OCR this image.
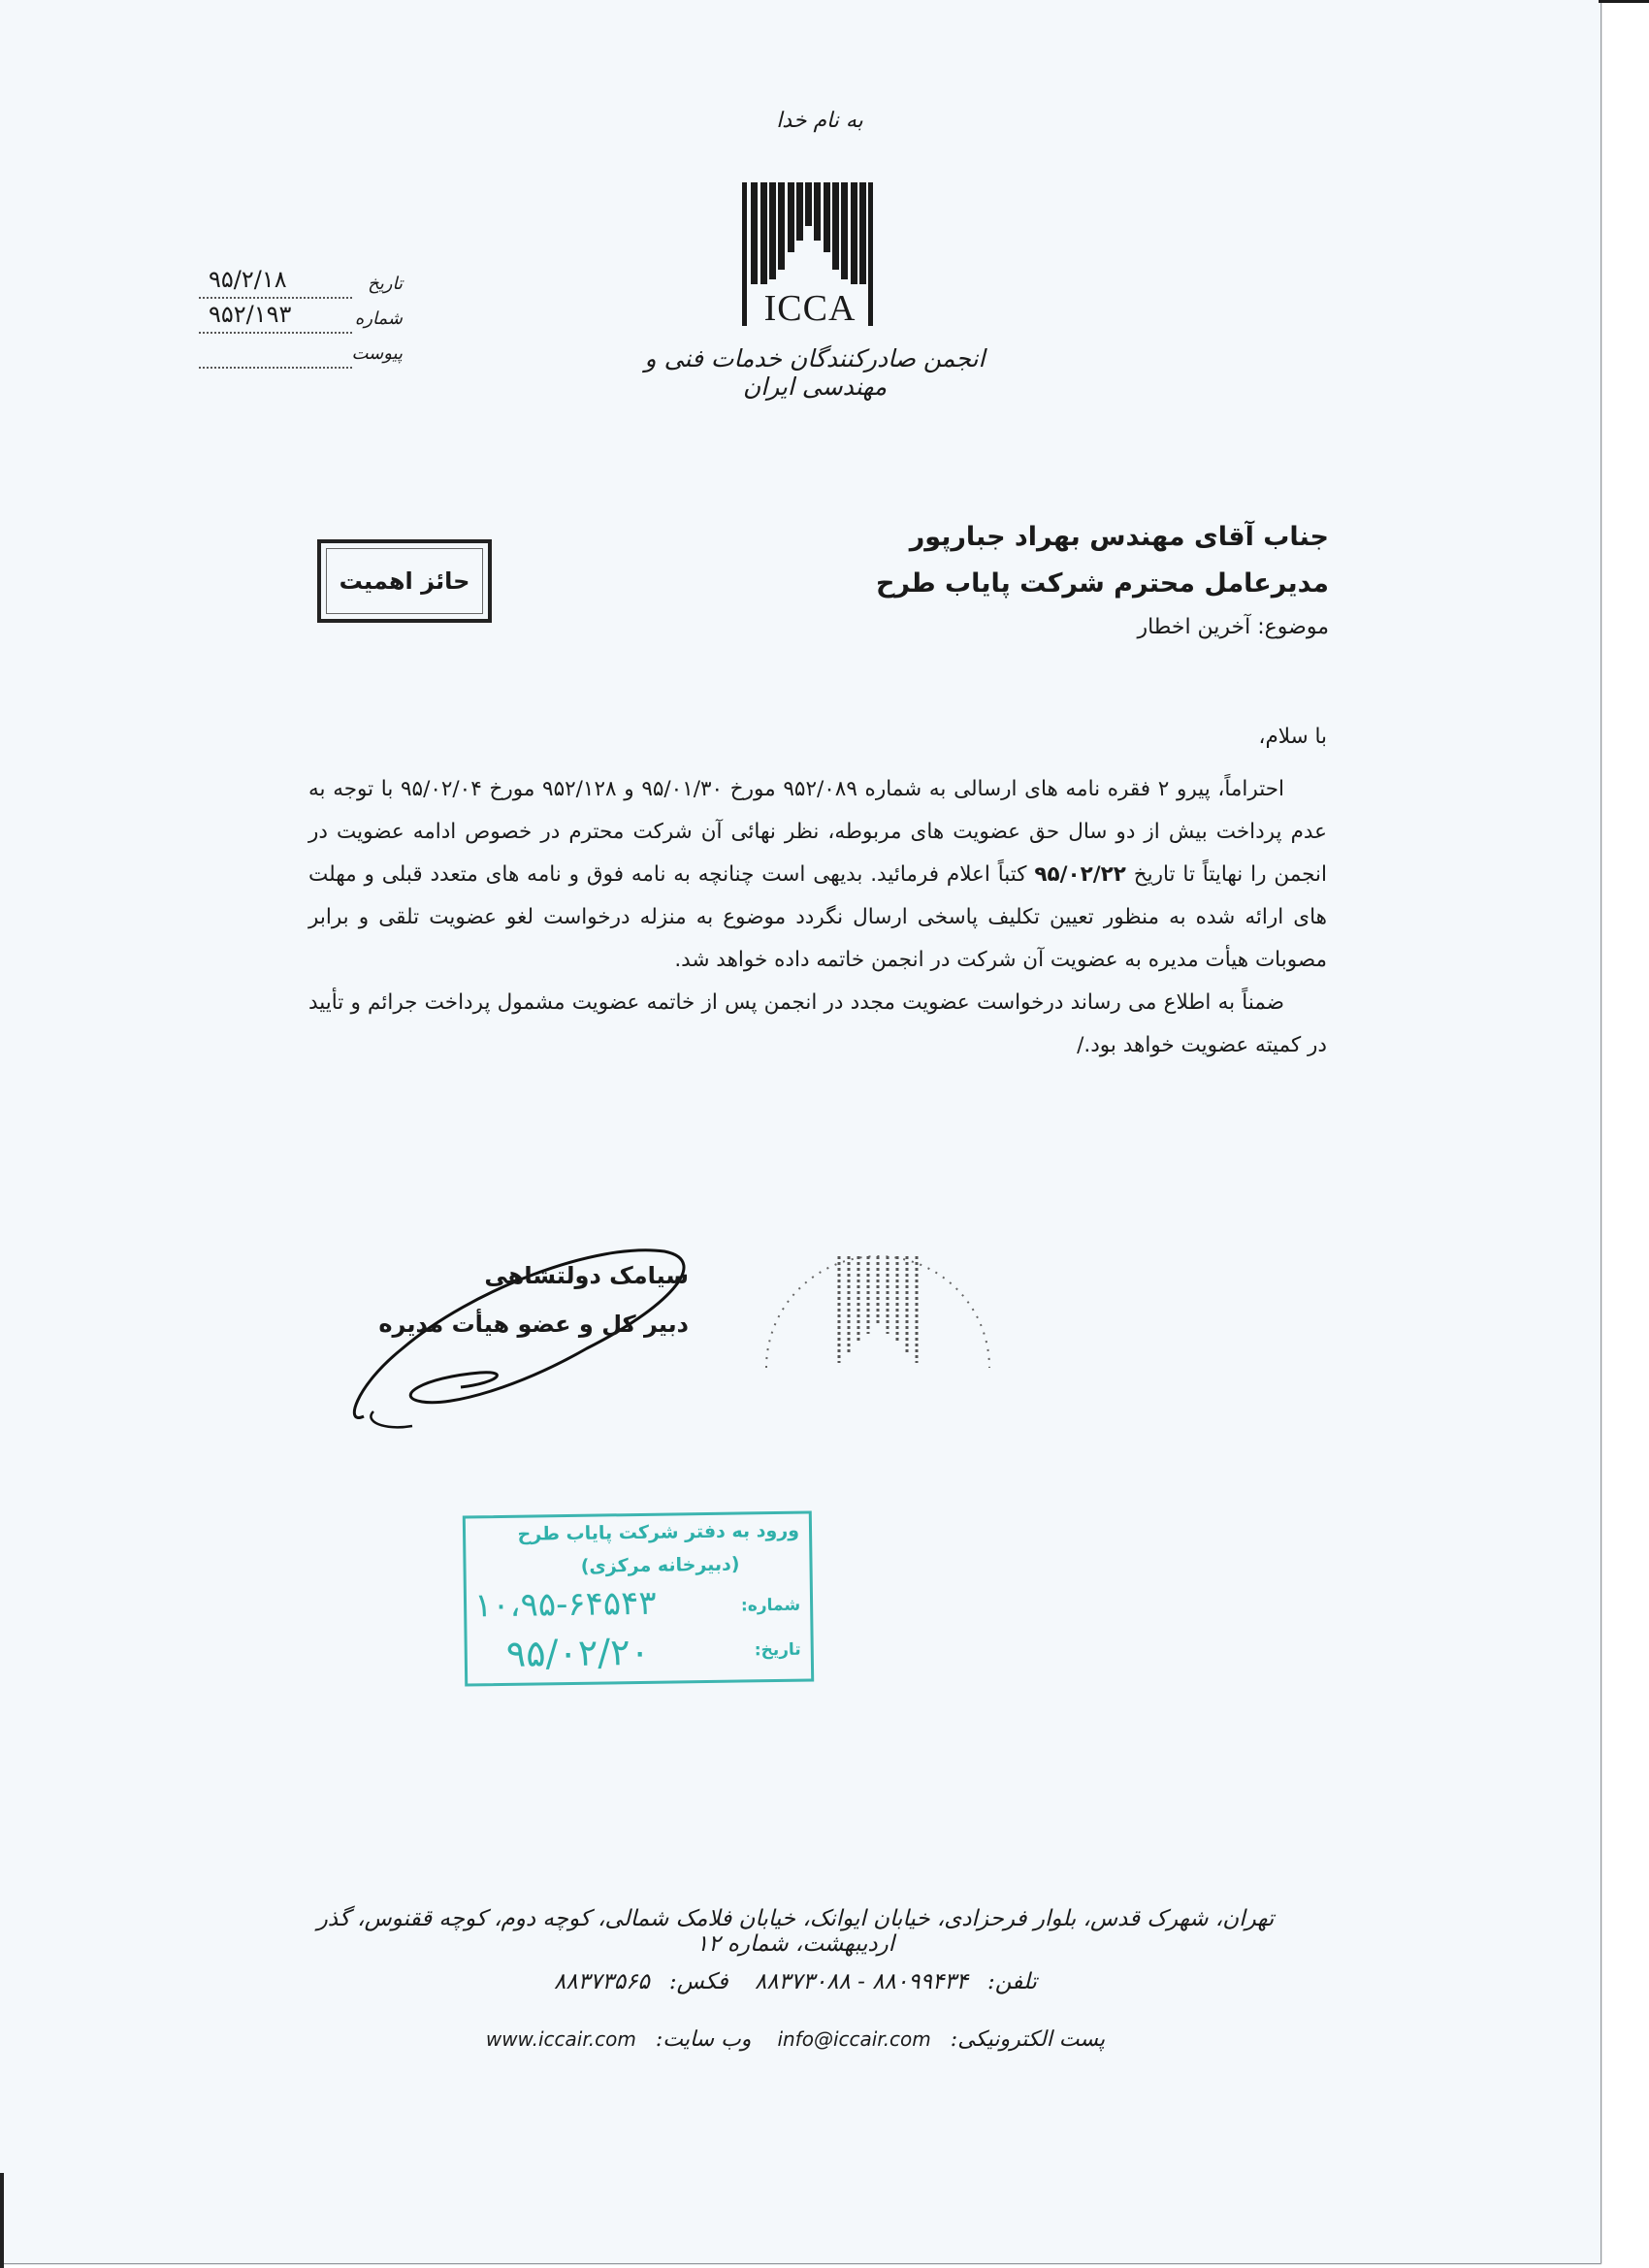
به نام خدا
ICCA
انجمن صادرکنندگان خدمات فنی و مهندسی ایران
تاریخ
۹۵/۲/۱۸
شماره
۹۵۲/۱۹۳
پیوست
حائز اهمیت
جناب آقای مهندس بهراد جبارپور
مدیرعامل محترم شرکت پایاب طرح
موضوع: آخرین اخطار

با سلام،

احتراماً، پیرو ۲ فقره نامه های ارسالی به شماره ۹۵۲/۰۸۹ مورخ ۹۵/۰۱/۳۰ و ۹۵۲/۱۲۸ مورخ ۹۵/۰۲/۰۴ با توجه به عدم پرداخت بیش از دو سال حق عضویت های مربوطه، نظر نهائی آن شرکت محترم در خصوص ادامه عضویت در انجمن را نهایتاً تا تاریخ ۹۵/۰۲/۲۲ کتباً اعلام فرمائید. بدیهی است چنانچه به نامه فوق و نامه های متعدد قبلی و مهلت های ارائه شده به منظور تعیین تکلیف پاسخی ارسال نگردد موضوع به منزله درخواست لغو عضویت تلقی و برابر مصوبات هیأت مدیره به عضویت آن شرکت در انجمن خاتمه داده خواهد شد.

ضمناً به اطلاع می رساند درخواست عضویت مجدد در انجمن پس از خاتمه عضویت مشمول پرداخت جرائم و تأیید در کمیته عضویت خواهد بود./

سیامک دولتشاهی
دبیر کل و عضو هیأت مدیره
ورود به دفتر شرکت پایاب طرح
(دبیرخانه مرکزی)
شماره:
۱۰،۹۵-۶۴۵۴۳
تاریخ:
۹۵/۰۲/۲۰
تهران، شهرک قدس، بلوار فرحزادی، خیابان ایوانک، خیابان فلامک شمالی، کوچه دوم، کوچه ققنوس، گذر اردیبهشت، شماره ۱۲
تلفن:۸۸۰۹۹۴۳۴ - ۸۸۳۷۳۰۸۸ فکس:۸۸۳۷۳۵۶۵
پست الکترونیکی:info@iccair.com وب سایت:www.iccair.com
